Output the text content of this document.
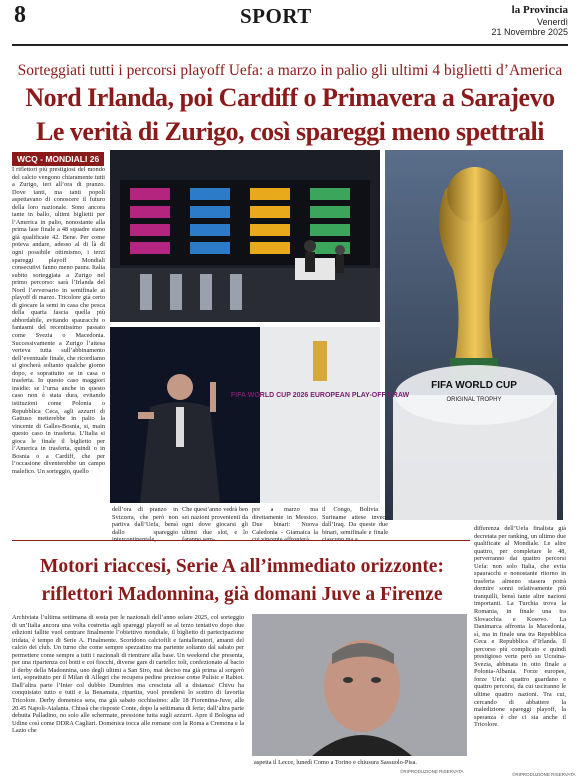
8	SPORT	la Provincia
Venerdì
21 Novembre 2025
Sorteggiati tutti i percorsi playoff Uefa: a marzo in palio gli ultimi 4 biglietti d’America
Nord Irlanda, poi Cardiff o Primavera a Sarajevo
Le verità di Zurigo, così spareggi meno spettrali
WCQ - MONDIALI 26
I riflettori più prestigiosi del mondo del calcio vengono chiaramente tutti a Zurigo, ieri all’ora di pranzo. Dove tanti, ma tanti popoli aspettavano di conoscere il futuro della loro nazionale. Sono ancora tante in ballo, ultimi biglietti per l’America in palio, nonostante alla prima fase finale a 48 squadre siano già qualificate 42. Bene. Per come poteva andare, adesso al di là di ogni possibile ottimismo, i terzi spareggi playoff Mondiali consecutivi fanno meno paura. Italia subito sorteggiata a Zurigo nel primo percorso: sarà l’Irlanda del Nord l’avversario in semifinale ai playoff di marzo. Tricolore già certo di giocare la semi in casa che pesca della quarta fascia quella più abbordabile, evitando spauracchi o fantasmi del recentissimo passato come Svezia o Macedonia. Successivamente a Zurigo l’attesa verteva tutta sull’abbinamento dell’eventuale finale, che ricordiamo si giocherà soltanto qualche giorno dopo, e soprattutto se in casa o trasferta. In questo caso maggiori insidie: se l’urna anche in questo caso non è stata dura, evitando istituzioni come Polonia o Repubblica Ceca, agli azzurri di Gattuso metterebbe in palio la vincente di Galles-Bosnia, si, main questo caso in trasferta. L’Italia si gioca le finale il biglietto per l’America in trasferta, quindi o in Bosnia o a Cardiff, che per l’occasione diventerebbe un campo malefico. Un sorteggio, quello
FIFA WORLD CUP
ORIGINAL TROPHY
FIFA WORLD CUP 2026 EUROPEAN PLAY-OFF DRAW
dell’ora di pranzo in Svizzera, che però non partiva dall’Uefa, bensì dallo spareggio
Che quest’anno vedrà ben sei nazioni provenienti da ogni dove giocarsi gli ultimi due slot, e lo
pre a marzo ma direttamente in Messico. Due binari: Nuova Caledonia - Giamaica la
il Congo, Bolivia - Suriname attese invece dall’Iraq. Da queste due binari, semifinale e finale
differenza dell’Uefa finalista già decretata per ranking, un ultimo due qualificate al Mondiale. Le altre quattro, per completare le 48, perverranno dai quattro percorsi Uefa: non solo Italia, che evita spauracchi e nonostante ritorno in trasferta almeno stasera potrà dormire sonni relativamente più tranquilli, bensì tante altre nazioni importanti. La Turchia trova la Romania, in finale una tra Slovacchia e Kosovo. La Danimarca affronta la Macedonia, sì, ma in finale una tra Repubblica Ceca e Repubblica d’Irlanda. Il percorso più complicato e quindi prestigioso verte però su Ucraina-Svezia, abbinata in otto finale a Polonia-Albania. Forze europee, forze Uefa: quattro guardano e quattro percorsi, da cui usciranno le ultime quattro nazioni. Tra cui, cercando di abbattere la maledizione spareggi playoff, la speranza è che ci sia anche il Tricolore.
Motori riaccesi, Serie A all’immediato orizzonte:
riflettori Madonnina, già domani Juve a Firenze
Archiviata l’ultima settimana di sosta per le nazionali dell’anno solare 2025, col sorteggio di un’Italia ancora una volta costretta agli spareggi playoff se al terzo tentativo dopo due edizioni fallite vuol centrare finalmente l’obiettivo mondiale, il biglietto di partecipazione iridata, è tempo di Serie A. Finalmente. Scoridono calciofili e fantallenatori, amanti del calcio dei club. Un turno che come sempre spezzatino ma partente soltanto dal sabato per permettere come sempre a tutti i nazionali di rientrare alla base. Un weekend che presenta, per una ripartenza coi botti e coi fiocchi, diverse gare di cartello: tolt, confezionato al bacio il derby della Madonnina, uno degli ultimi a San Siro, mai deciso ma già prima al sorgerò ieri, soprattutto per il Milan di Allegri che recupera pedine preziose come Pulisic e Rabiot. Dall’altra parte l’Inter col dubbio Dumfries ma cresciuta all a distanza: Chivu ha conquistato tutto e tutti e la Benamata, ripartita, vuol prendersi lo scettro di favorita Tricolore. Derby domenica sera, ma già sabato occhissimo: alle 18 Fiorentina-Juve, alle 20.45 Napoli-Atalanta. Chissà che risposte Conte, dopo la settimana di ferie; dall’altra parte debutta Palladino, no solo alle schermate, pressione tutta sugli azzurri. Apre il Bologna ad Udine così come DDRA Cagliari. Domenica tocca alle romane con la Roma a Cremona e la Lazio che
aspetta il Lecce, lunedì Como a Torino e chiusura Sassuolo-Pisa.
©RIPRODUZIONE RISERVATA
©RIPRODUZIONE RISERVATA
